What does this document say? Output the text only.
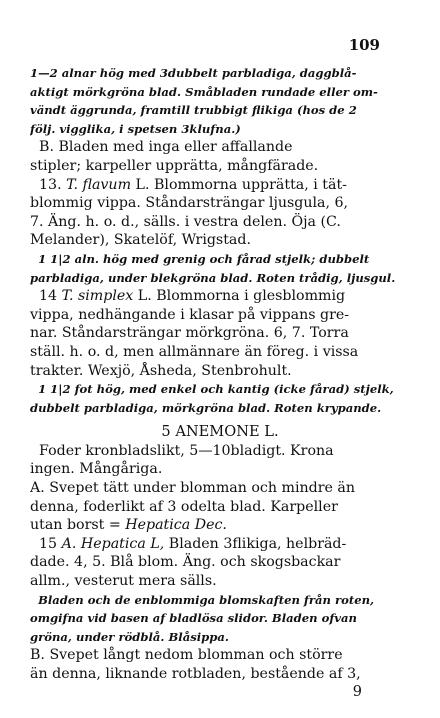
109
1—2 alnar hög med 3dubbelt parbladiga, daggblå-
aktigt mörkgröna blad. Småbladen rundade eller om-
vändt äggrunda, framtill trubbigt flikiga (hos de 2
följ. vigglika, i spetsen 3klufna.)
B. Bladen med inga eller affallande
stipler; karpeller upprätta, mångfärade.
13. T. flavum L. Blommorna upprätta, i tät-
blommig vippa. Ståndarsträngar ljusgula, 6,
7. Äng. h. o. d., sälls. i vestra delen. Öja (C.
Melander), Skatelöf, Wrigstad.
1 1|2 aln. hög med grenig och fårad stjelk; dubbelt
parbladiga, under blekgröna blad. Roten trådig, ljusgul.
14 T. simplex L. Blommorna i glesblommig
vippa, nedhängande i klasar på vippans gre-
nar. Ståndarsträngar mörkgröna. 6, 7. Torra
ställ. h. o. d, men allmännare än föreg. i vissa
trakter. Wexjö, Åsheda, Stenbrohult.
1 1|2 fot hög, med enkel och kantig (icke fårad) stjelk,
dubbelt parbladiga, mörkgröna blad. Roten krypande.
5 ANEMONE L.
Foder kronbladslikt, 5—10bladigt. Krona
ingen. Mångåriga.
A. Svepet tätt under blomman och mindre än
denna, foderlikt af 3 odelta blad. Karpeller
utan borst = Hepatica Dec.
15 A. Hepatica L, Bladen 3flikiga, helbräd-
dade. 4, 5. Blå blom. Äng. och skogsbackar
allm., vesterut mera sälls.
Bladen och de enblommiga blomskaften från roten,
omgifna vid basen af bladlösa slidor. Bladen ofvan
gröna, under rödblå. Blåsippa.
B. Svepet långt nedom blomman och större
än denna, liknande rotbladen, bestående af 3,
9
